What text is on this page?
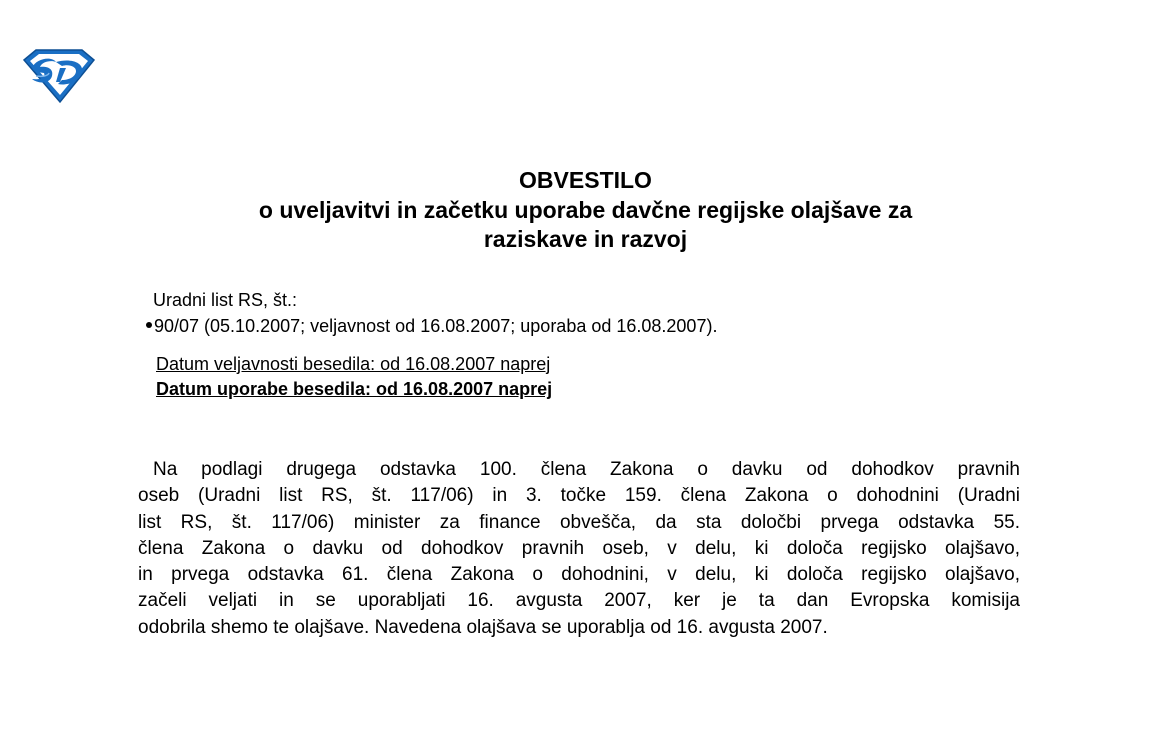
OBVESTILO
o uveljavitvi in začetku uporabe davčne regijske olajšave za
raziskave in razvoj
Uradni list RS, št.:
90/07 (05.10.2007; veljavnost od 16.08.2007; uporaba od 16.08.2007).
Datum veljavnosti besedila: od 16.08.2007 naprej
Datum uporabe besedila: od 16.08.2007 naprej
Na podlagi drugega odstavka 100. člena Zakona o davku od dohodkov pravnih
oseb (Uradni list RS, št. 117/06) in 3. točke 159. člena Zakona o dohodnini (Uradni
list RS, št. 117/06) minister za finance obvešča, da sta določbi prvega odstavka 55.
člena Zakona o davku od dohodkov pravnih oseb, v delu, ki določa regijsko olajšavo,
in prvega odstavka 61. člena Zakona o dohodnini, v delu, ki določa regijsko olajšavo,
začeli veljati in se uporabljati 16. avgusta 2007, ker je ta dan Evropska komisija
odobrila shemo te olajšave. Navedena olajšava se uporablja od 16. avgusta 2007.
